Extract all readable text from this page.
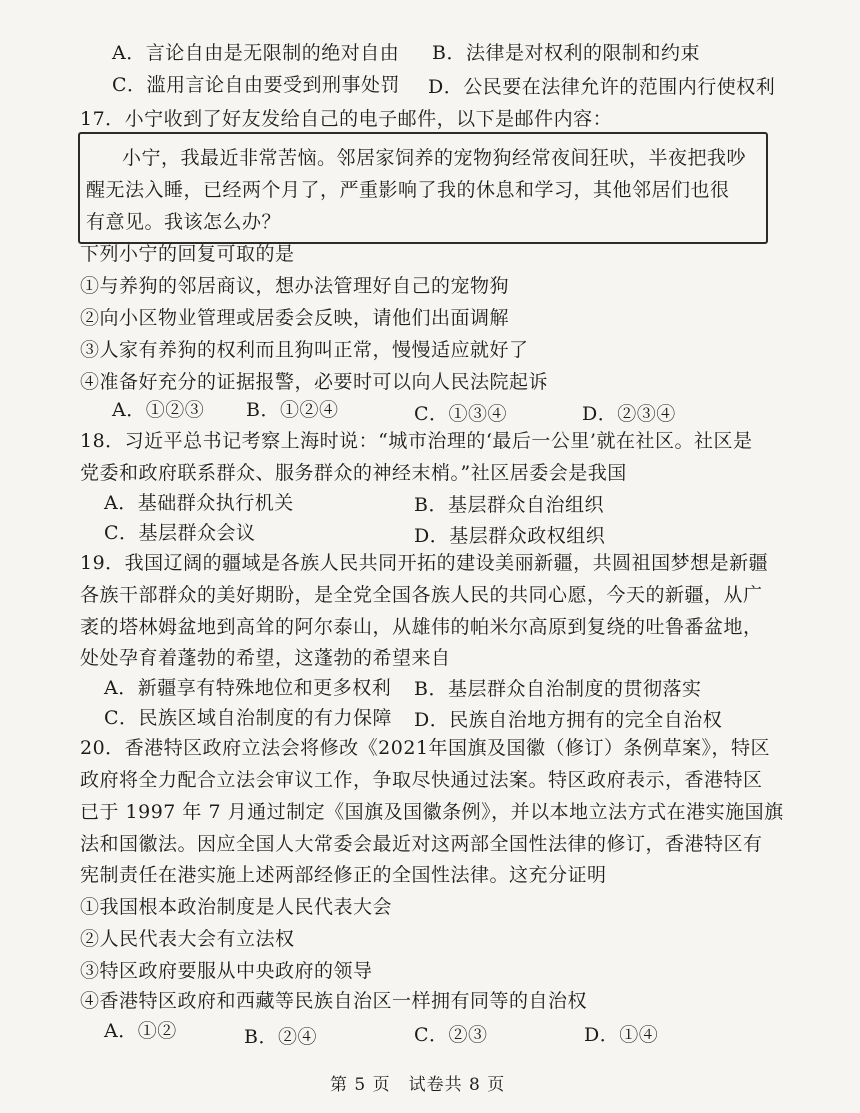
A．言论自由是无限制的绝对自由 B．法律是对权利的限制和约束
C．滥用言论自由要受到刑事处罚 D．公民要在法律允许的范围内行使权利
17．小宁收到了好友发给自己的电子邮件，以下是邮件内容：
小宁，我最近非常苦恼。邻居家饲养的宠物狗经常夜间狂吠，半夜把我吵
醒无法入睡，已经两个月了，严重影响了我的休息和学习，其他邻居们也很
有意见。我该怎么办？
下列小宁的回复可取的是
①与养狗的邻居商议，想办法管理好自己的宠物狗
②向小区物业管理或居委会反映，请他们出面调解
③人家有养狗的权利而且狗叫正常，慢慢适应就好了
④准备好充分的证据报警，必要时可以向人民法院起诉
A．①②③ B．①②④	C．①③④	D．②③④
18．习近平总书记考察上海时说：“城市治理的‘最后一公里’就在社区。社区是
党委和政府联系群众、服务群众的神经末梢。”社区居委会是我国
A．基础群众执行机关	B．基层群众自治组织
C．基层群众会议	D．基层群众政权组织
19．我国辽阔的疆域是各族人民共同开拓的建设美丽新疆，共圆祖国梦想是新疆
各族干部群众的美好期盼，是全党全国各族人民的共同心愿，今天的新疆，从广
袤的塔林姆盆地到高耸的阿尔泰山，从雄伟的帕米尔高原到复绕的吐鲁番盆地，
处处孕育着蓬勃的希望，这蓬勃的希望来自
A．新疆享有特殊地位和更多权利 B．基层群众自治制度的贯彻落实
C．民族区域自治制度的有力保障 D．民族自治地方拥有的完全自治权
20．香港特区政府立法会将修改《2021年国旗及国徽（修订）条例草案》，特区
政府将全力配合立法会审议工作，争取尽快通过法案。特区政府表示，香港特区
已于 1997 年 7 月通过制定《国旗及国徽条例》，并以本地立法方式在港实施国旗
法和国徽法。因应全国人大常委会最近对这两部全国性法律的修订，香港特区有
宪制责任在港实施上述两部经修正的全国性法律。这充分证明
①我国根本政治制度是人民代表大会
②人民代表大会有立法权
③特区政府要服从中央政府的领导
④香港特区政府和西藏等民族自治区一样拥有同等的自治权
A．①②	B．②④	C．②③	D．①④
第 5 页 试卷共 8 页
